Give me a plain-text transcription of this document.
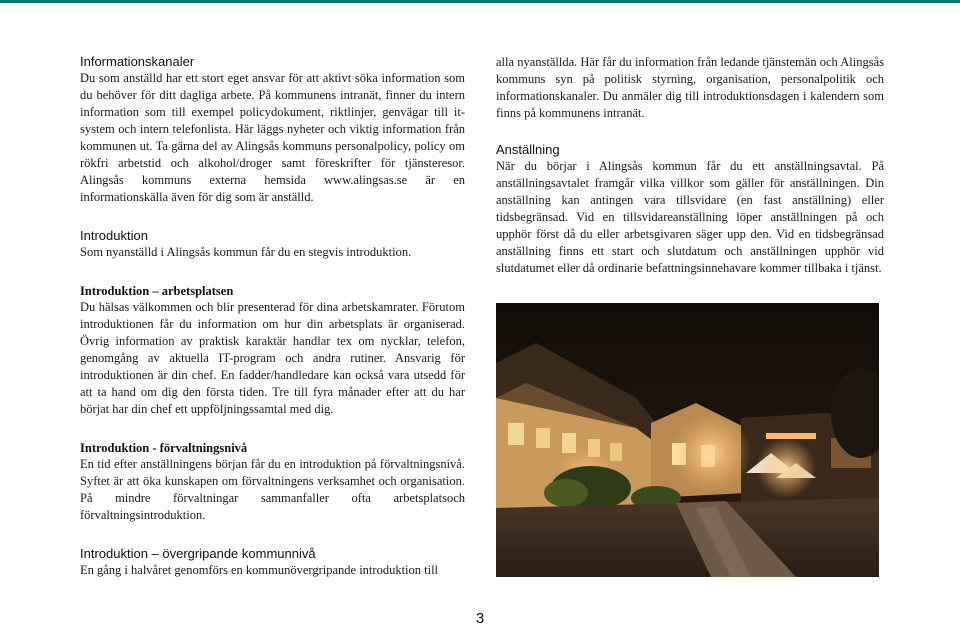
Informationskanaler

Du som anställd har ett stort eget ansvar för att aktivt söka information som du behöver för ditt dagliga arbete. På kommunens intranät, finner du intern information som till exempel policydokument, riktlinjer, genvägar till it-system och intern telefonlista. Här läggs nyheter och viktig information från kommunen ut. Ta gärna del av Alingsås kommuns personalpolicy, policy om rökfri arbetstid och alkohol/droger samt föreskrifter för tjänsteresor. Alingsås kommuns externa hemsida www.alingsas.se är en informationskälla även för dig som är anställd.

Introduktion

Som nyanställd i Alingsås kommun får du en stegvis introduktion.

Introduktion – arbetsplatsen

Du hälsas välkommen och blir presenterad för dina arbetskamrater. Förutom introduktionen får du information om hur din arbetsplats är organiserad. Övrig information av praktisk karaktär handlar tex om nycklar, telefon, genomgång av aktuella IT-program och andra rutiner. Ansvarig för introduktionen är din chef. En fadder/handledare kan också vara utsedd för att ta hand om dig den första tiden. Tre till fyra månader efter att du har börjat har din chef ett uppföljningssamtal med dig.

Introduktion - förvaltningsnivå

En tid efter anställningens början får du en introduktion på förvaltningsnivå. Syftet är att öka kunskapen om förvaltningens verksamhet och organisation. På mindre förvaltningar sammanfaller ofta arbetsplatsoch förvaltningsintroduktion.

Introduktion – övergripande kommunnivå

En gång i halvåret genomförs en kommunövergripande introduktion till

alla nyanställda. Här får du information från ledande tjänstemän och Alingsås kommuns syn på politisk styrning, organisation, personalpolitik och informationskanaler. Du anmäler dig till introduktionsdagen i kalendern som finns på kommunens intranät.

Anställning

När du börjar i Alingsås kommun får du ett anställningsavtal. På anställningsavtalet framgår vilka villkor som gäller för anställningen. Din anställning kan antingen vara tillsvidare (en fast anställning) eller tidsbegränsad. Vid en tillsvidareanställning löper anställningen på och upphör först då du eller arbetsgivaren säger upp den. Vid en tidsbegränsad anställning finns ett start och slutdatum och anställningen upphör vid slutdatumet eller då ordinarie befattningsinnehavare kommer tillbaka i tjänst.

3
